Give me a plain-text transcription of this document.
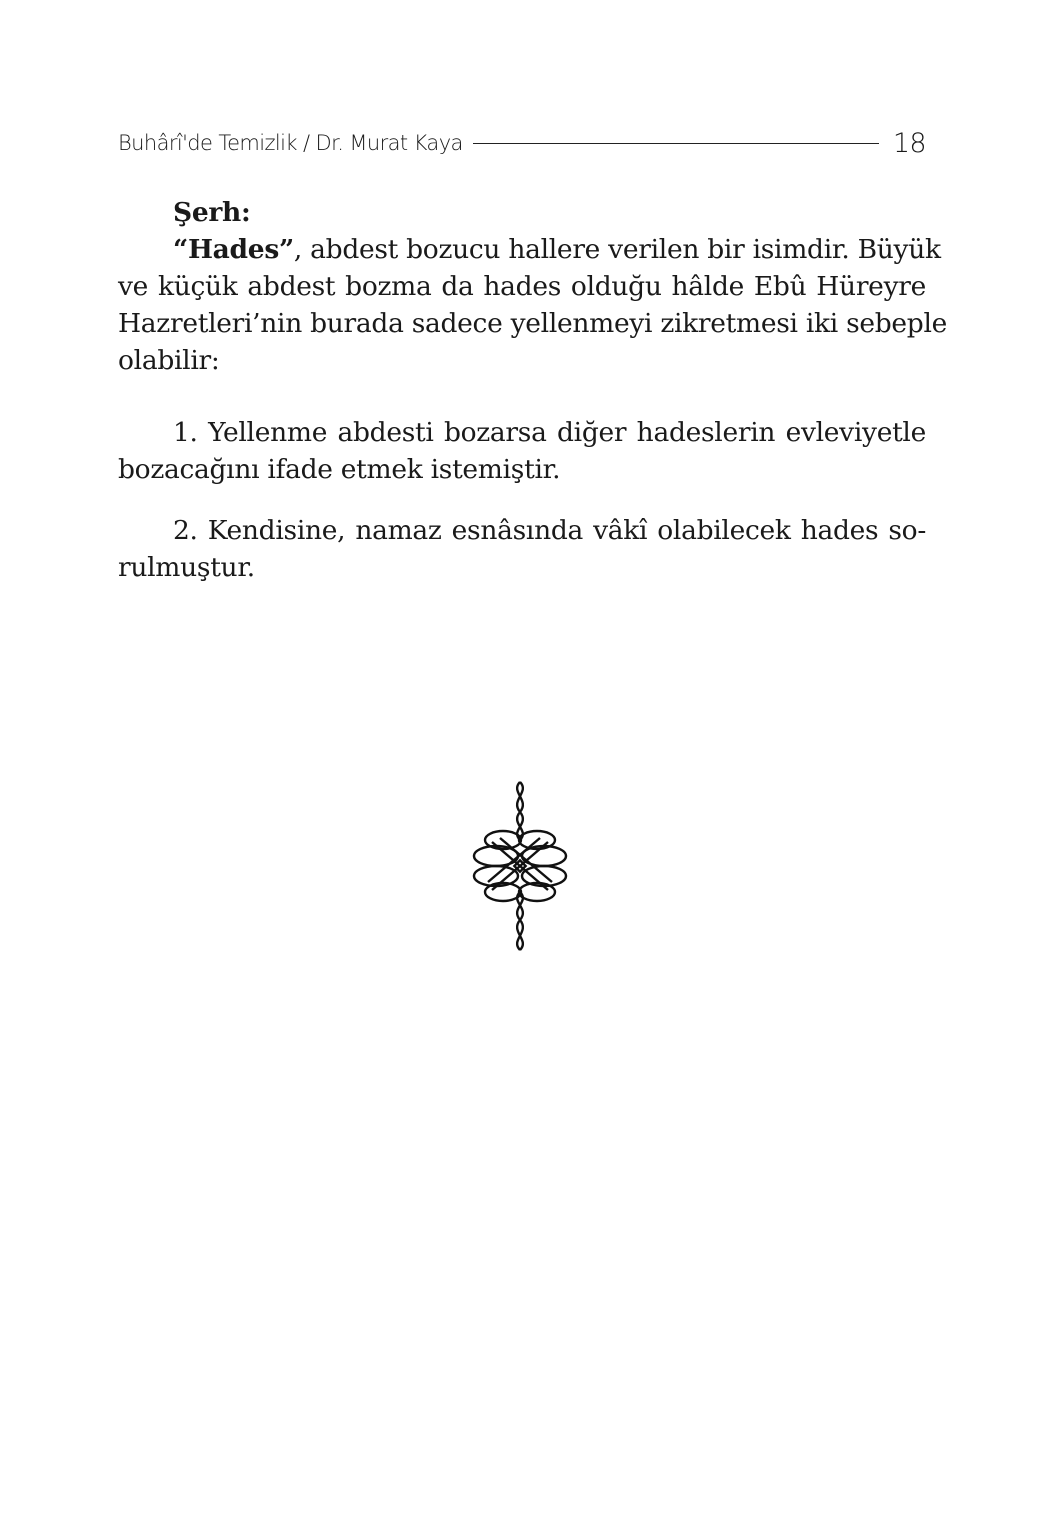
Buhârî'de Temizlik / Dr. Murat Kaya	18
Şerh:
“Hades”, abdest bozucu hallere verilen bir isimdir. Büyük
ve küçük abdest bozma da hades olduğu hâlde Ebû Hüreyre
Hazretleri’nin burada sadece yellenmeyi zikretmesi iki sebeple
olabilir:
1. Yellenme abdesti bozarsa diğer hadeslerin evleviyetle
bozacağını ifade etmek istemiştir.
2. Kendisine, namaz esnâsında vâkî olabilecek hades so-
rulmuştur.
